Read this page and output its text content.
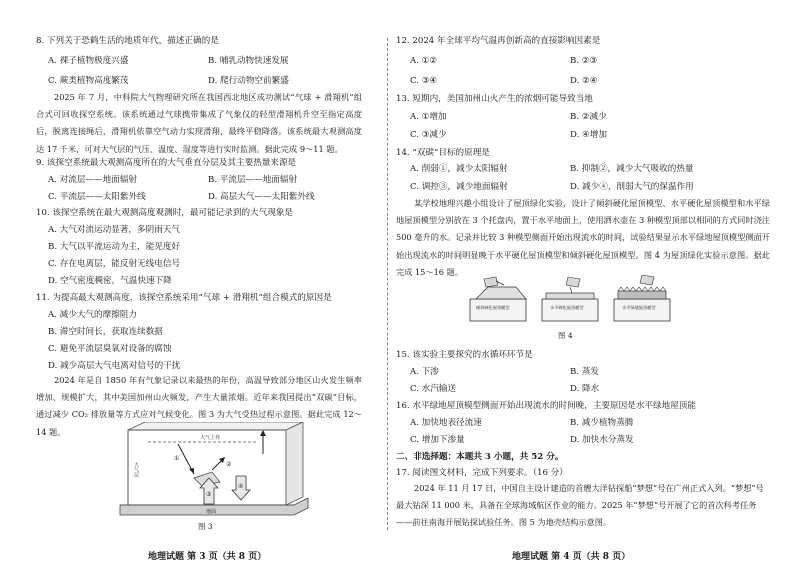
8. 下列关于恐鹤生活的地质年代，描述正确的是
A. 裸子植物极度兴盛	B. 哺乳动物快速发展
C. 蕨类植物高度繁茂	D. 爬行动物空前繁盛
2025 年 7 月，中科院大气物理研究所在我国西北地区成功测试“气球 + 滑翔机”组合式可回收探空系统。该系统通过气球携带集成了气象仪的轻型滑翔机升空至指定高度后，脱离连接绳后，滑翔机依靠空气动力实现滑翔，最终平稳降落。该系统最大观测高度达 17 千米，可对大气层的气压、温度、湿度等进行实时监测。据此完成 9～11 题。
9. 该探空系统最大观测高度所在的大气垂直分层及其主要热量来源是
A. 对流层——地面辐射	B. 平流层——地面辐射
C. 平流层——太阳紫外线	D. 高层大气——太阳紫外线
10. 该探空系统在最大观测高度观测时，最可能记录到的大气现象是
A. 大气对流运动显著，多阴雨天气
B. 大气以平流运动为主，能见度好
C. 存在电离层，能反射无线电信号
D. 空气密度稠密，气温快速下降
11. 为提高最大观测高度，该探空系统采用“气球 + 滑翔机”组合模式的原因是
A. 减少大气的摩擦阻力
B. 滞空时间长，获取连续数据
C. 避免平流层臭氧对设备的腐蚀
D. 减少高层大气电离对信号的干扰
2024 年是自 1850 年有气象记录以来最热的年份，高温导致部分地区山火发生频率增加、规模扩大，其中美国加州山火频发，产生大量浓烟。近年来我国提出“双碳”目标，通过减少 CO₂ 排放量等方式应对气候变化。图 3 为大气受热过程示意图。据此完成 12～14 题。
大气上界
大气层
①
②
③
④
地面
图 3
地理试题 第 3 页（共 8 页）
12. 2024 年全球平均气温再创新高的直接影响因素是
A. ①②	B. ②③
C. ③④	D. ②④
13. 短期内，美国加州山火产生的浓烟可能导致当地
A. ①增加	B. ②减少
C. ③减少	D. ④增加
14. “双碳”目标的原理是
A. 削弱①，减少太阳辐射	B. 抑制②，减少大气吸收的热量
C. 调控③，减少地面辐射	D. 减少④，削弱大气的保温作用
某学校地理兴趣小组设计了屋顶绿化实验，设计了倾斜硬化屋顶模型、水平硬化屋顶模型和水平绿地屋顶模型分别放在 3 个托盘内，置于水平地面上，使用洒水壶在 3 种模型顶部以相同的方式同时浇注 500 毫升的水。记录并比较 3 种模型侧面开始出现流水的时间，试验结果显示水平绿地屋顶模型侧面开始出现流水的时间明显晚于水平硬化屋顶模型和倾斜硬化屋顶模型。图 4 为屋顶绿化实验示意图。据此完成 15～16 题。
倾斜硬化屋顶模型	水平硬化屋顶模型	水平绿地屋顶模型
图 4
15. 该实验主要探究的水循环环节是
A. 下渗	B. 蒸发
C. 水汽输送	D. 降水
16. 水平绿地屋顶模型侧面开始出现流水的时间晚，主要原因是水平绿地屋顶能
A. 加快地表径流速	B. 减少植物蒸腾
C. 增加下渗量	D. 加快水分蒸发
二、非选择题：本题共 3 小题，共 52 分。
17. 阅读图文材料，完成下列要求。（16 分）
2024 年 11 月 17 日，中国自主设计建造的首艘大洋钻探船“梦想”号在广州正式入列。“梦想”号最大钻深 11 000 米，具备在全球海域航区作业的能力。2025 年“梦想”号开展了它的首次科考任务——前往南海开展钻探试验任务。图 5 为地壳结构示意图。
地理试题 第 4 页（共 8 页）
